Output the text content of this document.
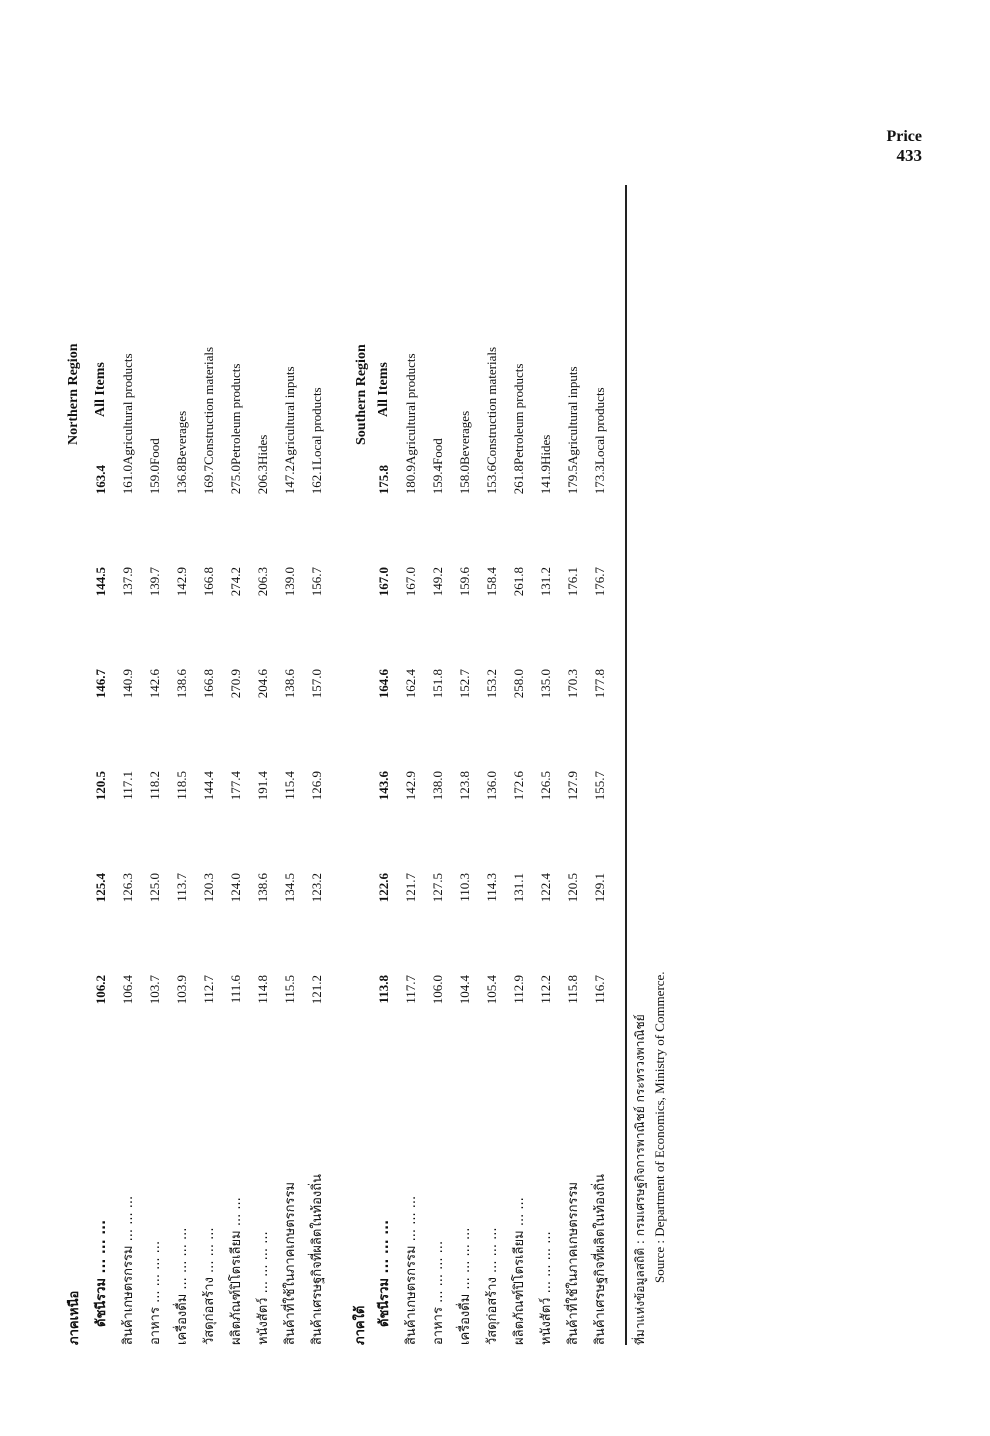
Price
433
ภาคเหนือ							Northern Region
ดัชนีรวม ... ... ...	106.2	125.4	120.5	146.7	144.5	163.4	All Items
สินค้าเกษตรกรรม ... ... ...	106.4	126.3	117.1	140.9	137.9	161.0	Agricultural products
อาหาร ... ... ... ...	103.7	125.0	118.2	142.6	139.7	159.0	Food
เครื่องดื่ม ... ... ... ...	103.9	113.7	118.5	138.6	142.9	136.8	Beverages
วัสดุก่อสร้าง ... ... ...	112.7	120.3	144.4	166.8	166.8	169.7	Construction materials
ผลิตภัณฑ์ปิโตรเลียม ... ...	111.6	124.0	177.4	270.9	274.2	275.0	Petroleum products
หนังสัตว์ ... ... ... ...	114.8	138.6	191.4	204.6	206.3	206.3	Hides
สินค้าที่ใช้ในภาคเกษตรกรรม	115.5	134.5	115.4	138.6	139.0	147.2	Agricultural inputs
สินค้าเศรษฐกิจที่ผลิตในท้องถิ่น	121.2	123.2	126.9	157.0	156.7	162.1	Local products
ภาคใต้							Southern Region
ดัชนีรวม ... ... ...	113.8	122.6	143.6	164.6	167.0	175.8	All Items
สินค้าเกษตรกรรม ... ... ...	117.7	121.7	142.9	162.4	167.0	180.9	Agricultural products
อาหาร ... ... ... ...	106.0	127.5	138.0	151.8	149.2	159.4	Food
เครื่องดื่ม ... ... ... ...	104.4	110.3	123.8	152.7	159.6	158.0	Beverages
วัสดุก่อสร้าง ... ... ...	105.4	114.3	136.0	153.2	158.4	153.6	Construction materials
ผลิตภัณฑ์ปิโตรเลียม ... ...	112.9	131.1	172.6	258.0	261.8	261.8	Petroleum products
หนังสัตว์ ... ... ... ...	112.2	122.4	126.5	135.0	131.2	141.9	Hides
สินค้าที่ใช้ในภาคเกษตรกรรม	115.8	120.5	127.9	170.3	176.1	179.5	Agricultural inputs
สินค้าเศรษฐกิจที่ผลิตในท้องถิ่น	116.7	129.1	155.7	177.8	176.7	173.3	Local products
ที่มาแห่งข้อมูลสถิติ : กรมเศรษฐกิจการพาณิชย์ กระทรวงพาณิชย์ Source : Department of Economics, Ministry of Commerce.
